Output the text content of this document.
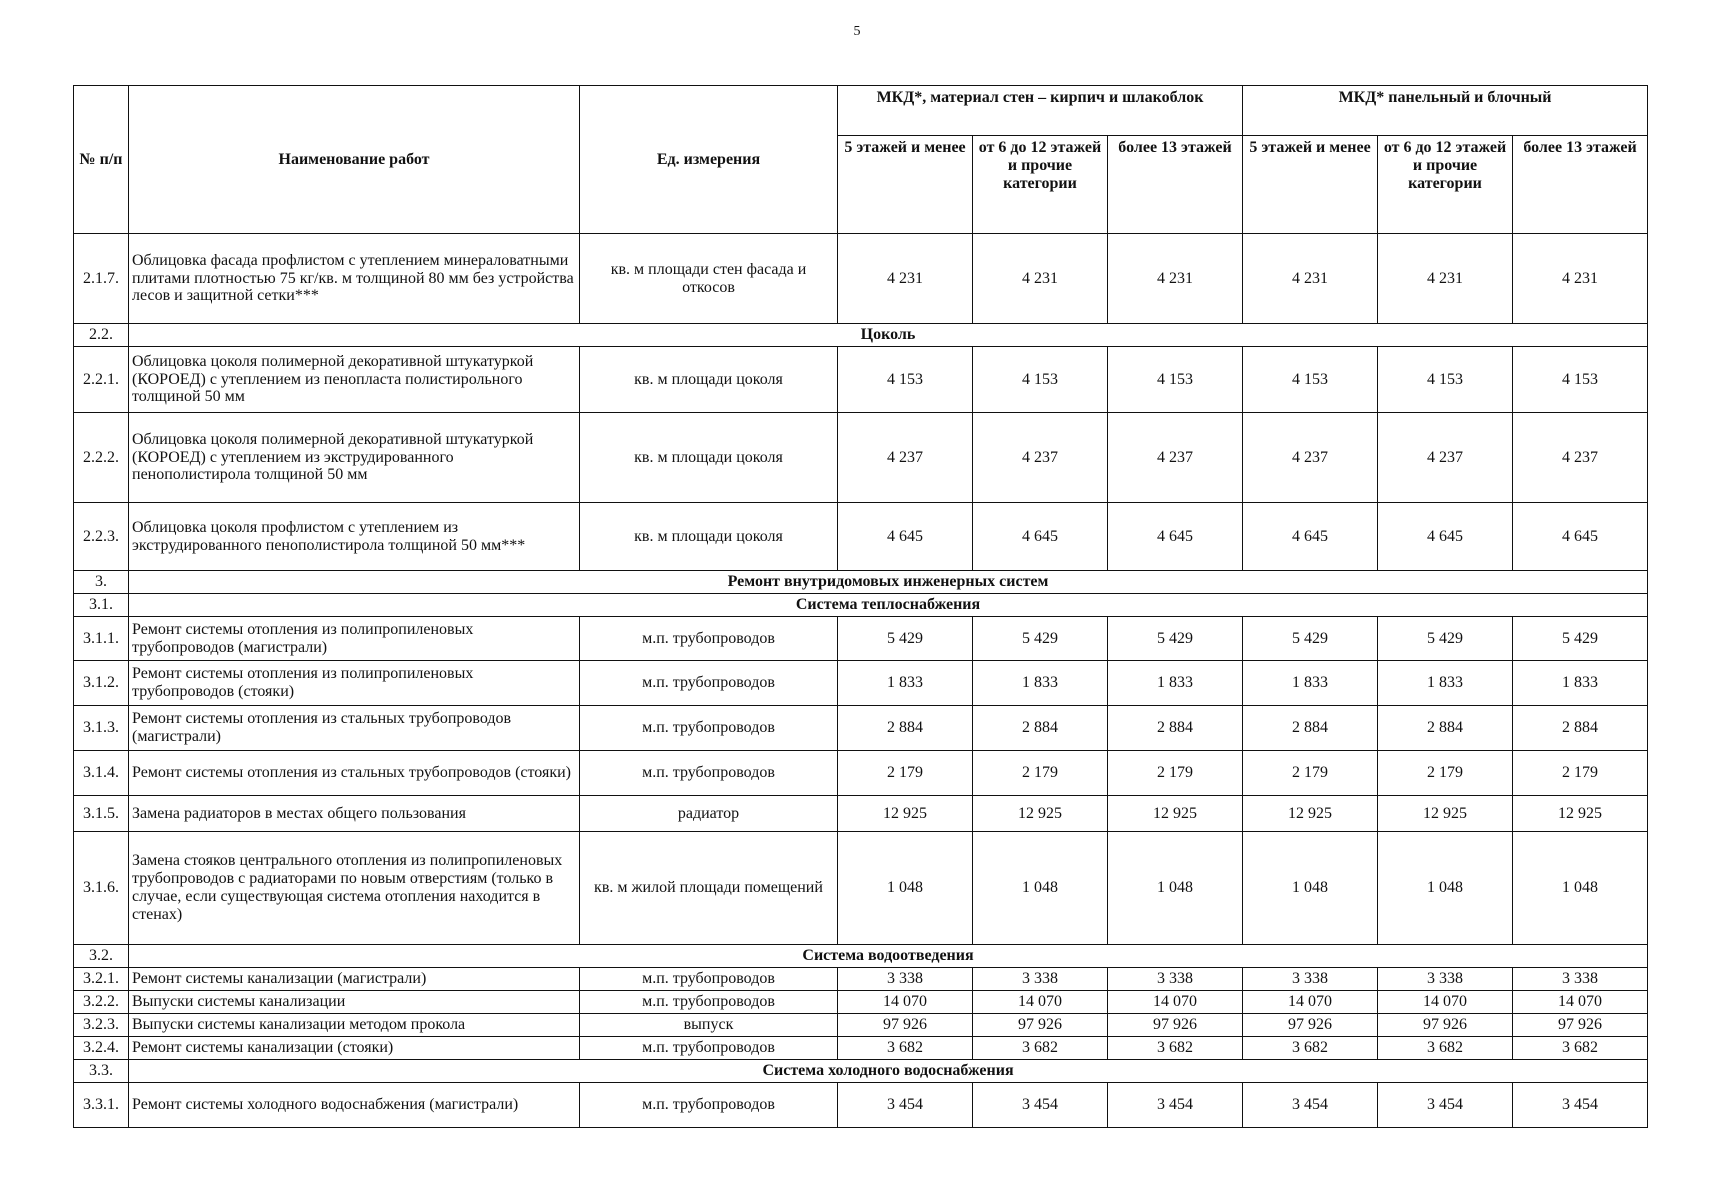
5
№ п/п	Наименование работ	Ед. измерения	МКД*, материал стен – кирпич и шлакоблок			МКД* панельный и блочный		
			5 этажей и менее	от 6 до 12 этажей и прочие категории	более 13 этажей	5 этажей и менее	от 6 до 12 этажей и прочие категории	более 13 этажей
2.1.7.	Облицовка фасада профлистом с утеплением минераловатными плитами плотностью 75 кг/кв. м толщиной 80 мм без устройства лесов и защитной сетки***	кв. м площади стен фасада и откосов	4 231	4 231	4 231	4 231	4 231	4 231
2.2.	Цоколь							
2.2.1.	Облицовка цоколя полимерной декоративной штукатуркой (КОРОЕД) с утеплением из пенопласта полистирольного толщиной 50 мм	кв. м площади цоколя	4 153	4 153	4 153	4 153	4 153	4 153
2.2.2.	Облицовка цоколя полимерной декоративной штукатуркой (КОРОЕД) с утеплением из экструдированного пенополистирола толщиной 50 мм	кв. м площади цоколя	4 237	4 237	4 237	4 237	4 237	4 237
2.2.3.	Облицовка цоколя профлистом с утеплением из экструдированного пенополистирола толщиной 50 мм***	кв. м площади цоколя	4 645	4 645	4 645	4 645	4 645	4 645
3.	Ремонт внутридомовых инженерных систем							
3.1.	Система теплоснабжения							
3.1.1.	Ремонт системы отопления из полипропиленовых трубопроводов (магистрали)	м.п. трубопроводов	5 429	5 429	5 429	5 429	5 429	5 429
3.1.2.	Ремонт системы отопления из полипропиленовых трубопроводов (стояки)	м.п. трубопроводов	1 833	1 833	1 833	1 833	1 833	1 833
3.1.3.	Ремонт системы отопления из стальных трубопроводов (магистрали)	м.п. трубопроводов	2 884	2 884	2 884	2 884	2 884	2 884
3.1.4.	Ремонт системы отопления из стальных трубопроводов (стояки)	м.п. трубопроводов	2 179	2 179	2 179	2 179	2 179	2 179
3.1.5.	Замена радиаторов в местах общего пользования	радиатор	12 925	12 925	12 925	12 925	12 925	12 925
3.1.6.	Замена стояков центрального отопления из полипропиленовых трубопроводов с радиаторами по новым отверстиям (только в случае, если существующая система отопления находится в стенах)	кв. м жилой площади помещений	1 048	1 048	1 048	1 048	1 048	1 048
3.2.	Система водоотведения							
3.2.1.	Ремонт системы канализации (магистрали)	м.п. трубопроводов	3 338	3 338	3 338	3 338	3 338	3 338
3.2.2.	Выпуски системы канализации	м.п. трубопроводов	14 070	14 070	14 070	14 070	14 070	14 070
3.2.3.	Выпуски системы канализации методом прокола	выпуск	97 926	97 926	97 926	97 926	97 926	97 926
3.2.4.	Ремонт системы канализации (стояки)	м.п. трубопроводов	3 682	3 682	3 682	3 682	3 682	3 682
3.3.	Система холодного водоснабжения							
3.3.1.	Ремонт системы холодного водоснабжения (магистрали)	м.п. трубопроводов	3 454	3 454	3 454	3 454	3 454	3 454
